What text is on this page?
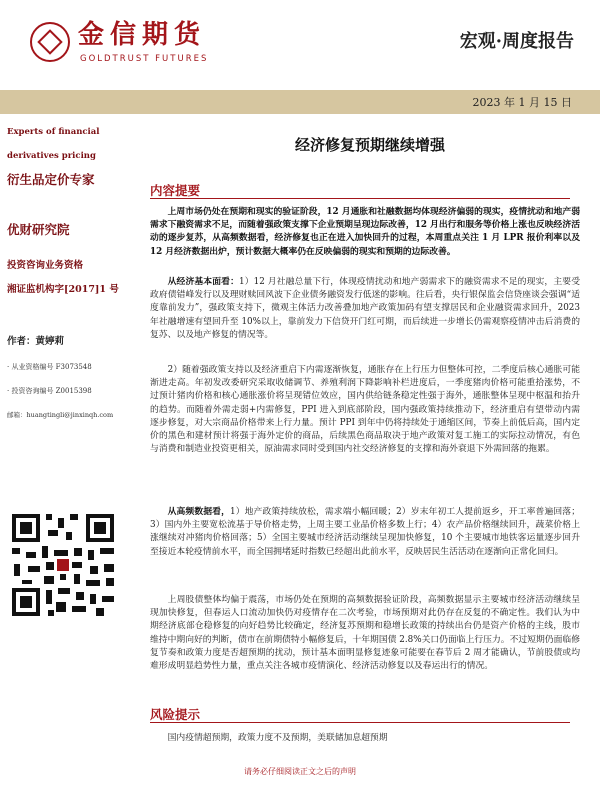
金信期货
GOLDTRUST FUTURES
宏观·周度报告
2023 年 1 月 15 日
Experts of financial
derivatives pricing
衍生品定价专家
优财研究院
投资咨询业务资格
湘证监机构字[2017]1 号
作者：黄婷莉
· 从业资格编号 F3073548
· 投资咨询编号 Z0015398
邮箱：huangtingli@jinxinqh.com
经济修复预期继续增强
内容提要
上周市场仍处在预期和现实的验证阶段，12 月通胀和社融数据均体现经济偏弱的现实，疫情扰动和地产弱需求下融资需求不足，而随着强政策支撑下企业预期呈现边际改善，12 月出行和服务等价格上涨也反映经济活动的逐步复苏，从高频数据看，经济修复也正在进入加快回升的过程，本周重点关注 1 月 LPR 报价利率以及 12 月经济数据出炉，预计数据大概率仍在反映偏弱的现实和预期的边际改善。
从经济基本面看：1）12 月社融总量下行，体现疫情扰动和地产弱需求下的融资需求不足的现实，主要受政府债错峰发行以及理财赎回风波下企业债务融资发行低迷的影响。往后看，央行银保监会信贷座谈会强调“适度靠前发力”，强政策支持下，微观主体活力改善叠加地产政策加码有望支撑居民和企业融资需求回升，2023 年社融增速有望回升至 10%以上，靠前发力下信贷开门红可期，而后续进一步增长仍需观察疫情冲击后消费的复苏、以及地产修复的情况等。
2）随着强政策支持以及经济重启下内需逐渐恢复，通胀存在上行压力但整体可控，二季度后核心通胀可能渐进走高。年初发改委研究采取收储调节、养殖利润下降影响补栏进度后，一季度猪肉价格可能重拾涨势，不过预计猪肉价格和核心通胀涨价将呈现错位效应，国内供给链条稳定性强于海外，通胀整体呈现中枢温和抬升的趋势。而随着外需走弱+内需修复，PPI 进入到底部阶段，国内强政策持续推动下，经济重启有望带动内需逐步修复，对大宗商品价格带来上行力量。预计 PPI 到年中仍将持续处于通缩区间，节奏上前低后高，国内定价的黑色和建材预计将强于海外定价的商品，后续黑色商品取决于地产政策对复工施工的实际拉动情况，有色与消费和制造业投资更相关，原油需求同时受到国内社交经济修复的支撑和海外衰退下外需回落的拖累。
从高频数据看，1）地产政策持续放松，需求端小幅回暖；2）岁末年初工人提前返乡，开工率普遍回落；3）国内外主要宽松流基于导价格走势，上周主要工业品价格多数上行；4）农产品价格继续回升，蔬菜价格上涨继续对冲猪肉价格回落；5）全国主要城市经济活动继续呈现加快修复，10 个主要城市地铁客运量逐步回升至接近本轮疫情前水平，而全国拥堵延时指数已经超出此前水平，反映居民生活活动在逐渐向正常化回归。
上周股债整体均偏于震荡，市场仍处在预期的高频数据验证阶段，高频数据显示主要城市经济活动继续呈现加快修复，但春运人口流动加快仍对疫情存在二次考验，市场预期对此仍存在反复的不确定性。我们认为中期经济底部仓稳修复的向好趋势比较确定，经济复苏预期和稳增长政策的持续出台仍是资产价格的主线，股市维持中期向好的判断，债市在前期债特小幅修复后，十年期国债 2.8%关口仍面临上行压力。不过短期仍面临修复节奏和政策力度是否超预期的扰动，预计基本面明显修复迹象可能要在春节后 2 周才能确认，节前股债或均难形成明显趋势性力量，重点关注各城市疫情演化、经济活动修复以及春运出行的情况。
风险提示
国内疫情超预期，政策力度不及预期，美联储加息超预期
请务必仔细阅读正文之后的声明
